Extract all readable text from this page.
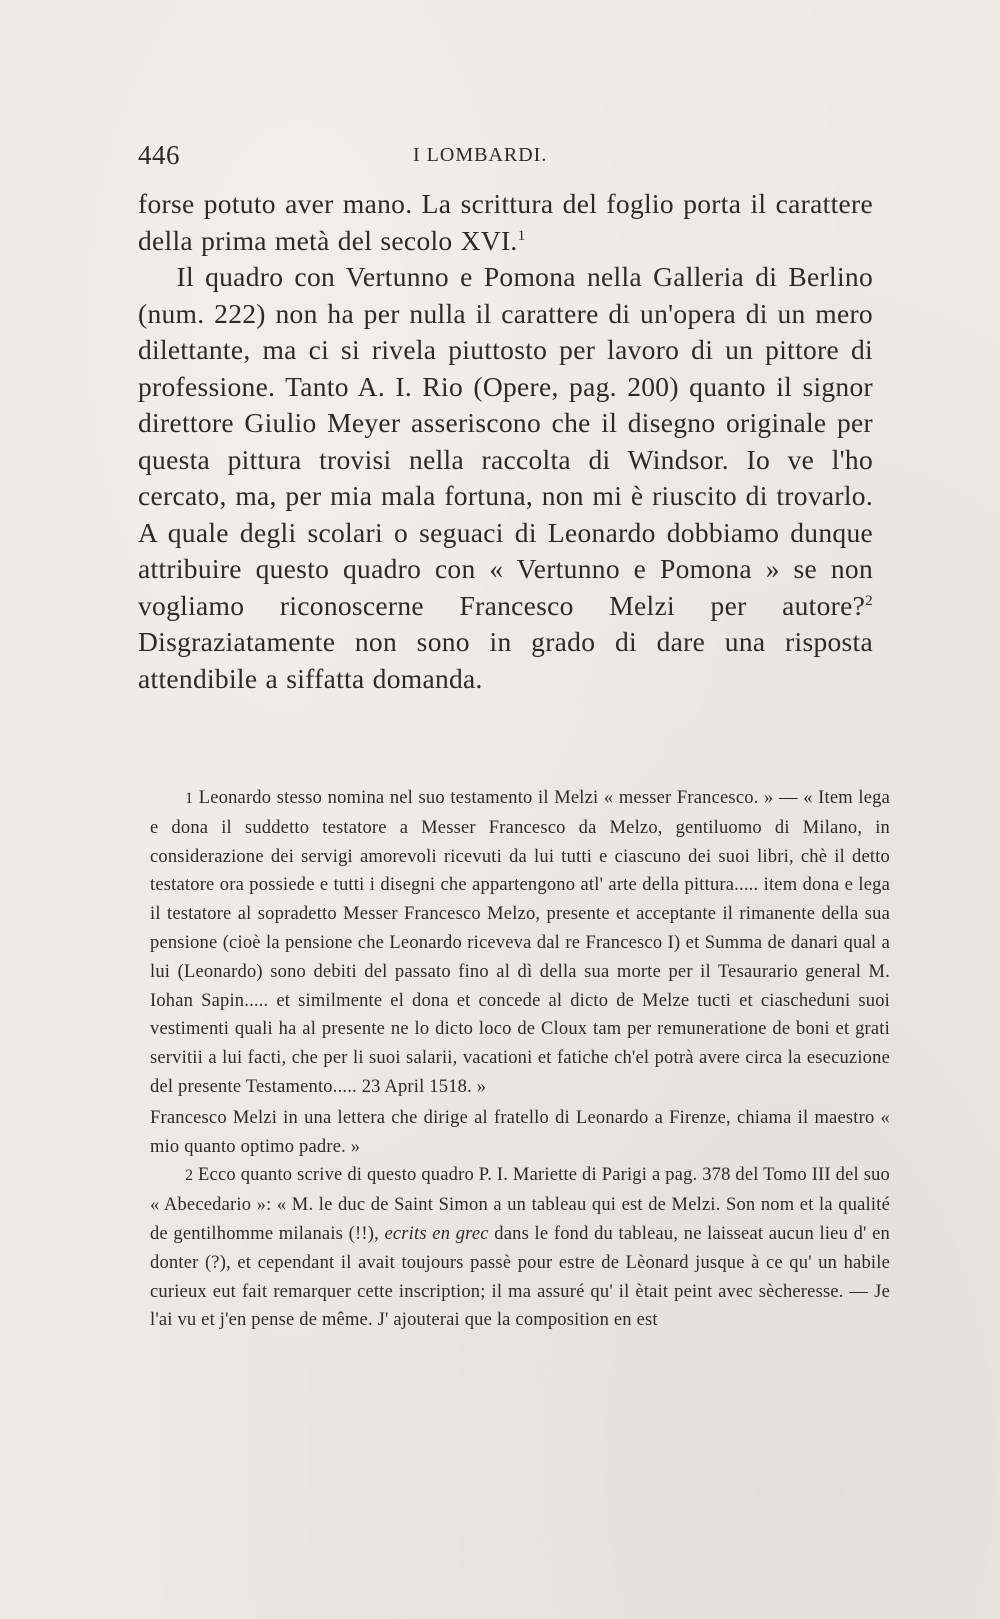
446	I LOMBARDI.

forse potuto aver mano. La scrittura del foglio porta il carattere della prima metà del secolo XVI.$^1$

Il quadro con Vertunno e Pomona nella Galleria di Berlino (num. 222) non ha per nulla il carattere di un'opera di un mero dilettante, ma ci si rivela piuttosto per lavoro di un pittore di professione. Tanto A. I. Rio (Opere, pag. 200) quanto il signor direttore Giulio Meyer asseriscono che il disegno originale per questa pittura trovisi nella raccolta di Windsor. Io ve l'ho cercato, ma, per mia mala fortuna, non mi è riuscito di trovarlo. A quale degli scolari o seguaci di Leonardo dobbiamo dunque attribuire questo quadro con « Vertunno e Pomona » se non vogliamo riconoscerne Francesco Melzi per autore?$^2$ Disgraziatamente non sono in grado di dare una risposta attendibile a siffatta domanda.

1 Leonardo stesso nomina nel suo testamento il Melzi « messer Francesco. » — « Item lega e dona il suddetto testatore a Messer Francesco da Melzo, gentiluomo di Milano, in considerazione dei servigi amorevoli ricevuti da lui tutti e ciascuno dei suoi libri, chè il detto testatore ora possiede e tutti i disegni che appartengono atl' arte della pittura..... item dona e lega il testatore al sopradetto Messer Francesco Melzo, presente et acceptante il rimanente della sua pensione (cioè la pensione che Leonardo riceveva dal re Francesco I) et Summa de danari qual a lui (Leonardo) sono debiti del passato fino al dì della sua morte per il Tesaurario general M. Iohan Sapin..... et similmente el dona et concede al dicto de Melze tucti et ciascheduni suoi vestimenti quali ha al presente ne lo dicto loco de Cloux tam per remuneratione de boni et grati servitii a lui facti, che per li suoi salarii, vacationi et fatiche ch'el potrà avere circa la esecuzione del presente Testamento..... 23 April 1518. »

Francesco Melzi in una lettera che dirige al fratello di Leonardo a Firenze, chiama il maestro « mio quanto optimo padre. »

2 Ecco quanto scrive di questo quadro P. I. Mariette di Parigi a pag. 378 del Tomo III del suo « Abecedario »: « M. le duc de Saint Simon a un tableau qui est de Melzi. Son nom et la qualité de gentilhomme milanais (!!), ecrits en grec dans le fond du tableau, ne laisseat aucun lieu d' en donter (?), et cependant il avait toujours passè pour estre de Lèonard jusque à ce qu' un habile curieux eut fait remarquer cette inscription; il ma assuré qu' il ètait peint avec sècheresse. — Je l'ai vu et j'en pense de même. J' ajouterai que la composition en est
